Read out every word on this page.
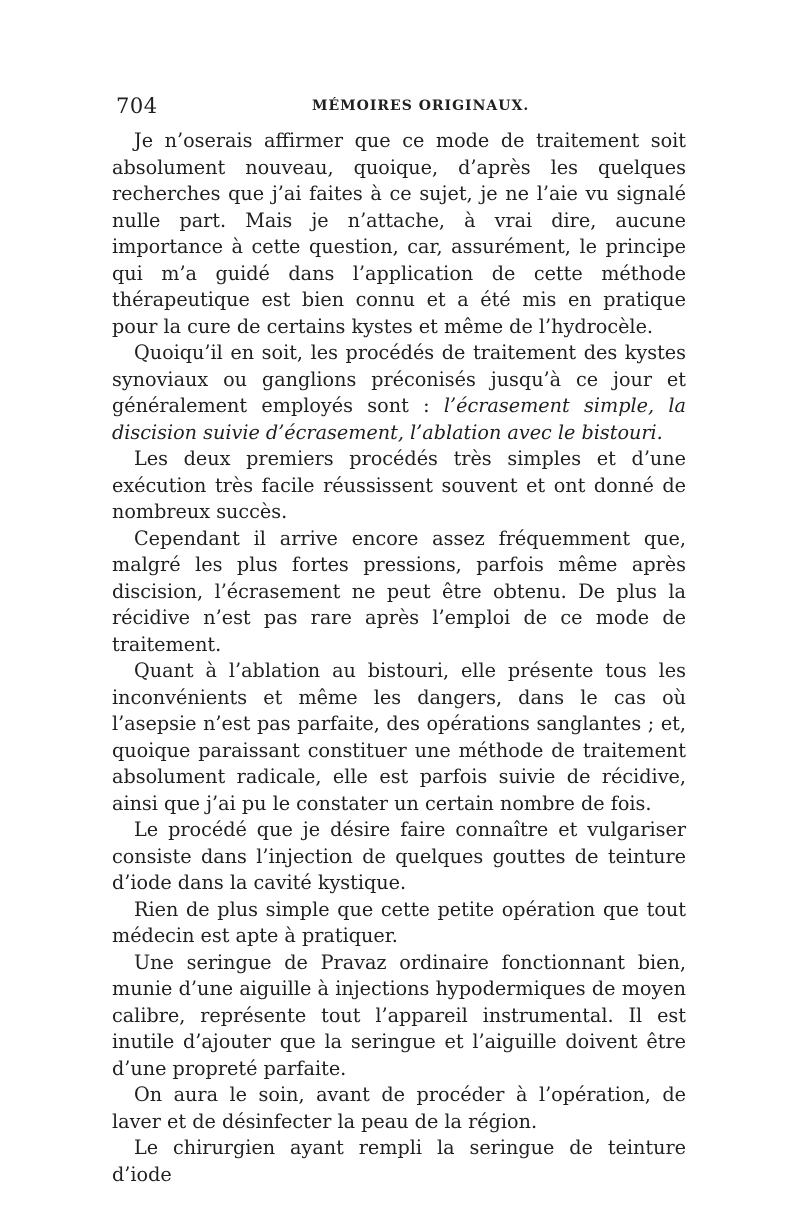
704	MÉMOIRES ORIGINAUX.

Je n’oserais affirmer que ce mode de traitement soit absolument nouveau, quoique, d’après les quelques recherches que j’ai faites à ce sujet, je ne l’aie vu signalé nulle part. Mais je n’attache, à vrai dire, aucune importance à cette question, car, assurément, le principe qui m’a guidé dans l’application de cette méthode thérapeutique est bien connu et a été mis en pratique pour la cure de certains kystes et même de l’hydrocèle.

Quoiqu’il en soit, les procédés de traitement des kystes synoviaux ou ganglions préconisés jusqu’à ce jour et généralement employés sont : l’écrasement simple, la discision suivie d’écrasement, l’ablation avec le bistouri.

Les deux premiers procédés très simples et d’une exécution très facile réussissent souvent et ont donné de nombreux succès.

Cependant il arrive encore assez fréquemment que, malgré les plus fortes pressions, parfois même après discision, l’écrasement ne peut être obtenu. De plus la récidive n’est pas rare après l’emploi de ce mode de traitement.

Quant à l’ablation au bistouri, elle présente tous les inconvénients et même les dangers, dans le cas où l’asepsie n’est pas parfaite, des opérations sanglantes ; et, quoique paraissant constituer une méthode de traitement absolument radicale, elle est parfois suivie de récidive, ainsi que j’ai pu le constater un certain nombre de fois.

Le procédé que je désire faire connaître et vulgariser consiste dans l’injection de quelques gouttes de teinture d’iode dans la cavité kystique.

Rien de plus simple que cette petite opération que tout médecin est apte à pratiquer.

Une seringue de Pravaz ordinaire fonctionnant bien, munie d’une aiguille à injections hypodermiques de moyen calibre, représente tout l’appareil instrumental. Il est inutile d’ajouter que la seringue et l’aiguille doivent être d’une propreté parfaite.

On aura le soin, avant de procéder à l’opération, de laver et de désinfecter la peau de la région.

Le chirurgien ayant rempli la seringue de teinture d’iode
